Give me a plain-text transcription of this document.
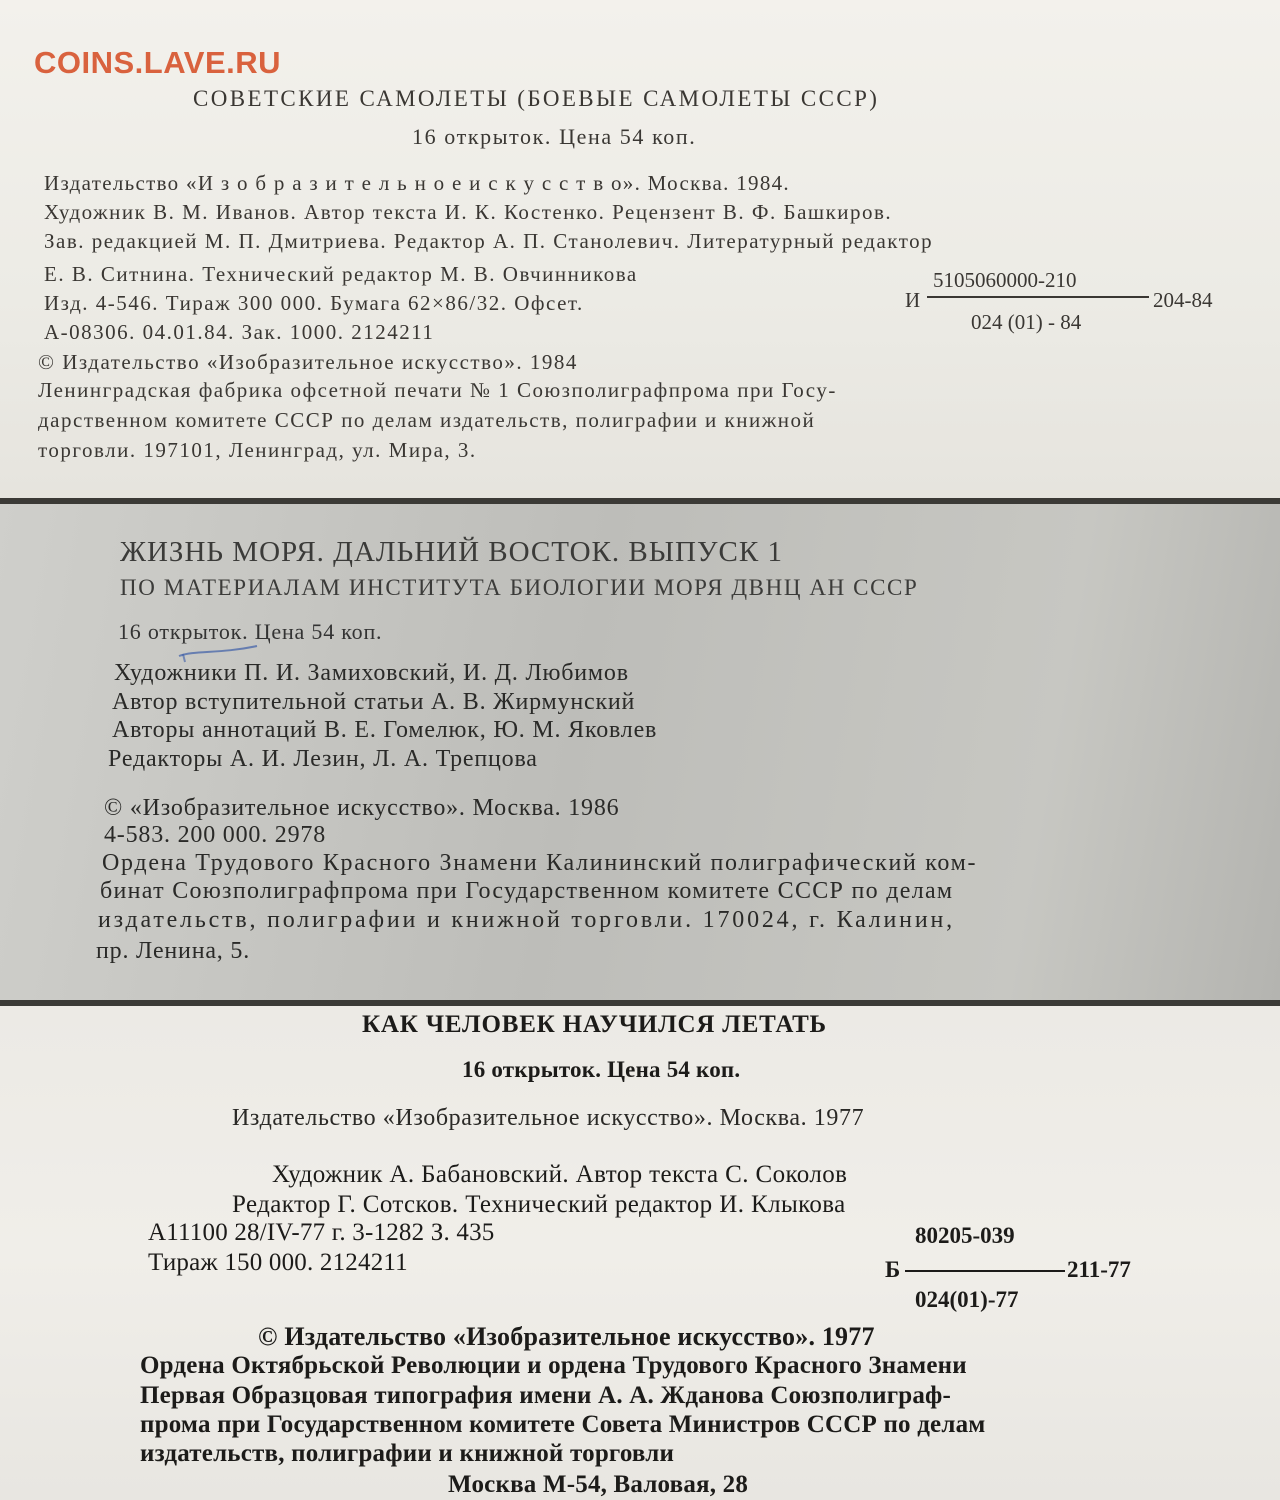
COINS.LAVE.RU
СОВЕТСКИЕ САМОЛЕТЫ (БОЕВЫЕ САМОЛЕТЫ СССР)
16 открыток. Цена 54 коп.
Издательство «И з о б р а з и т е л ь н о е и с к у с с т в о». Москва. 1984.
Художник В. М. Иванов. Автор текста И. К. Костенко. Рецензент В. Ф. Башкиров.
Зав. редакцией М. П. Дмитриева. Редактор А. П. Станолевич. Литературный редактор
Е. В. Ситнина. Технический редактор М. В. Овчинникова
Изд. 4-546. Тираж 300 000. Бумага 62×86/32. Офсет.
А-08306. 04.01.84. Зак. 1000. 2124211
© Издательство «Изобразительное искусство». 1984
Ленинградская фабрика офсетной печати № 1 Союзполиграфпрома при Госу-
дарственном комитете СССР по делам издательств, полиграфии и книжной
торговли. 197101, Ленинград, ул. Мира, 3.
И
5105060000-210
024 (01) - 84
204-84
ЖИЗНЬ МОРЯ. ДАЛЬНИЙ ВОСТОК. ВЫПУСК 1
ПО МАТЕРИАЛАМ ИНСТИТУТА БИОЛОГИИ МОРЯ ДВНЦ АН СССР
16 открыток. Цена 54 коп.
Художники П. И. Замиховский, И. Д. Любимов
Автор вступительной статьи А. В. Жирмунский
Авторы аннотаций В. Е. Гомелюк, Ю. М. Яковлев
Редакторы А. И. Лезин, Л. А. Трепцова
© «Изобразительное искусство». Москва. 1986
4-583. 200 000. 2978
Ордена Трудового Красного Знамени Калининский полиграфический ком-
бинат Союзполиграфпрома при Государственном комитете СССР по делам
издательств, полиграфии и книжной торговли. 170024, г. Калинин,
пр. Ленина, 5.
КАК ЧЕЛОВЕК НАУЧИЛСЯ ЛЕТАТЬ
16 открыток. Цена 54 коп.
Издательство «Изобразительное искусство». Москва. 1977
Художник А. Бабановский. Автор текста С. Соколов
Редактор Г. Сотсков. Технический редактор И. Клыкова
А11100 28/IV-77 г. 3-1282 З. 435
Тираж 150 000. 2124211
80205-039
Б	211-77
024(01)-77
© Издательство «Изобразительное искусство». 1977
Ордена Октябрьской Революции и ордена Трудового Красного Знамени
Первая Образцовая типография имени А. А. Жданова Союзполиграф-
прома при Государственном комитете Совета Министров СССР по делам
издательств, полиграфии и книжной торговли
Москва М-54, Валовая, 28
